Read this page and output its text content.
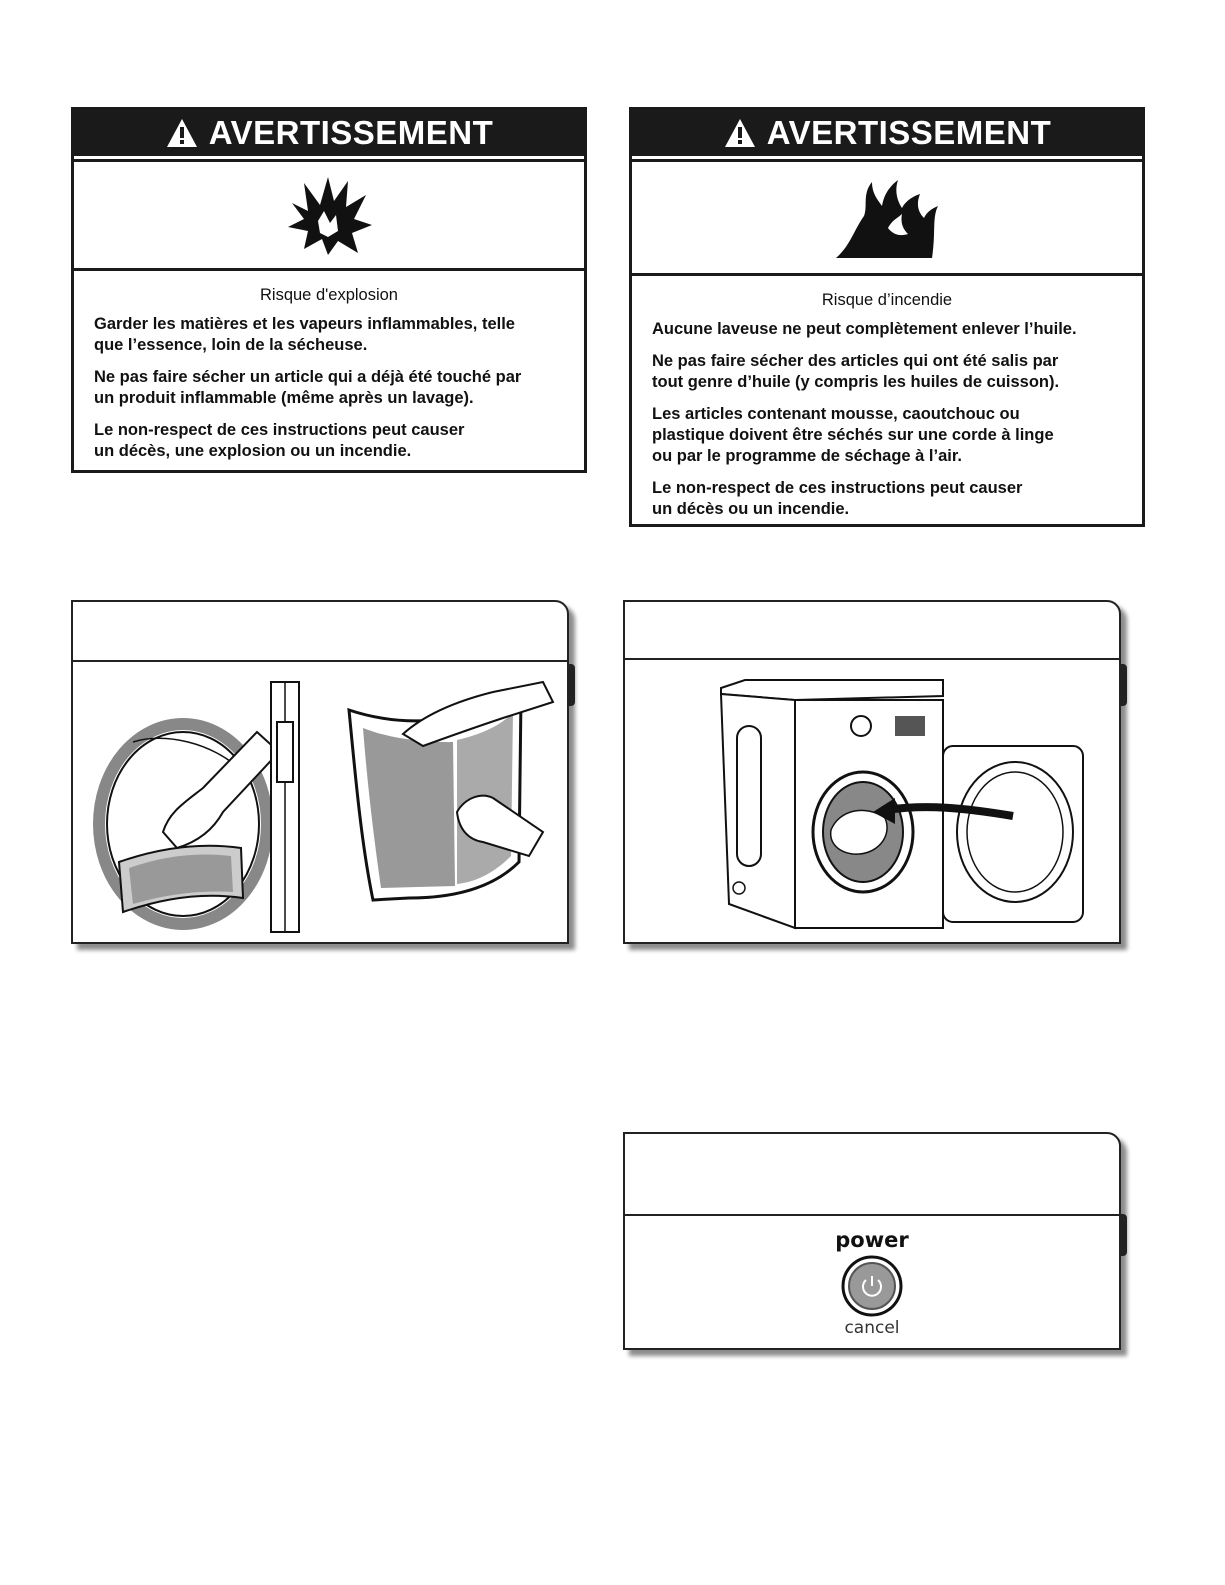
AVERTISSEMENT
Risque d'explosion

Garder les matières et les vapeurs inflammables, telle
que l’essence, loin de la sécheuse.

Ne pas faire sécher un article qui a déjà été touché par
un produit inflammable (même après un lavage).

Le non-respect de ces instructions peut causer
un décès, une explosion ou un incendie.

AVERTISSEMENT
Risque d’incendie

Aucune laveuse ne peut complètement enlever l’huile.

Ne pas faire sécher des articles qui ont été salis par
tout genre d’huile (y compris les huiles de cuisson).

Les articles contenant mousse, caoutchouc ou
plastique doivent être séchés sur une corde à linge
ou par le programme de séchage à l’air.

Le non-respect de ces instructions peut causer
un décès ou un incendie.

power
cancel
